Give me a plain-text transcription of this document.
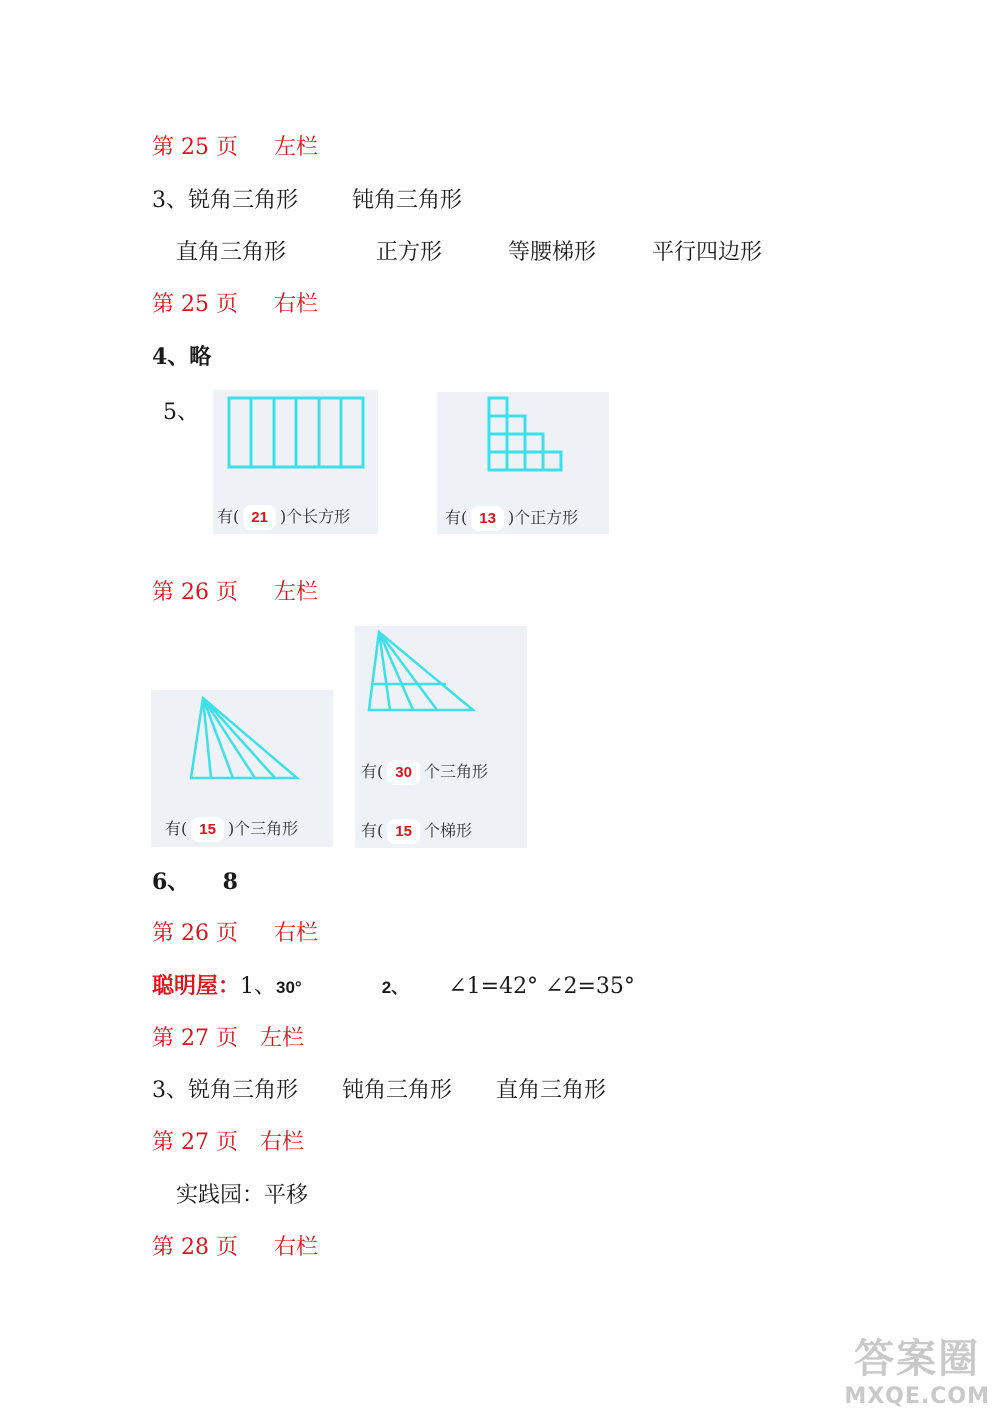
第 25 页 左栏
3、锐角三角形 钝角三角形
直角三角形	正方形	等腰梯形	平行四边形
第 25 页 右栏
4、略
5、
有( 21 )个长方形	有( 13 )个正方形
第 26 页 左栏
有( 15 )个三角形
有( 30 个三角形
有( 15 个梯形
6、 8
第 26 页 右栏
聪明屋：1、30°	2、 ∠1=42° ∠2=35°
第 27 页 左栏
3、锐角三角形 钝角三角形 直角三角形
第 27 页 右栏
实践园：平移
第 28 页 右栏
答案圈
MXQE.COM
